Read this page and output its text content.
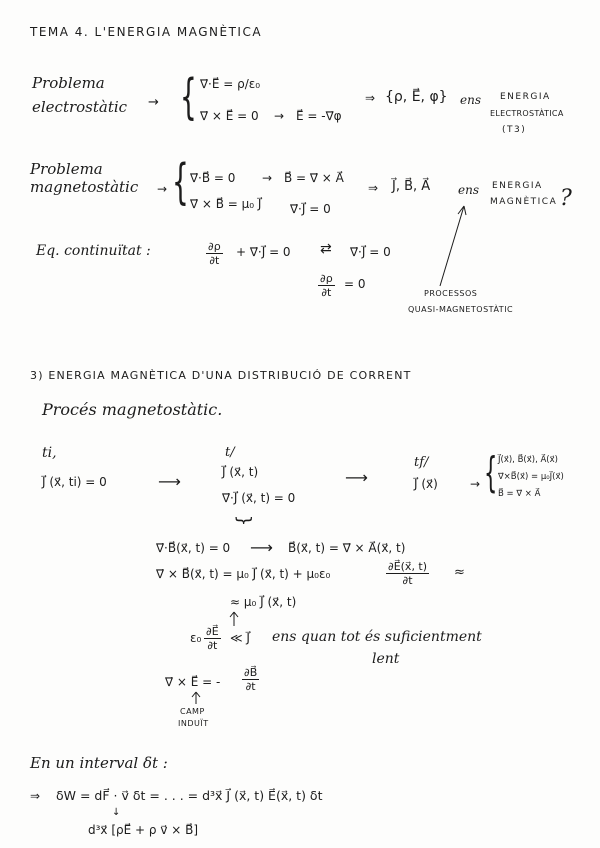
TEMA 4. L'ENERGIA MAGNÈTICA
Problema
electrostàtic → { ∇⃗·E⃗ = ρ/ε₀
∇⃗ × E⃗ = 0 → E⃗ = -∇⃗φ
⇒ {ρ, E⃗, φ} ens ENERGIA
ELECTROSTÀTICA
(T3)
Problema
magnetostàtic → { ∇⃗·B⃗ = 0 → B⃗ = ∇⃗ × A⃗
∇⃗ × B⃗ = μ₀ J⃗ ∇⃗·J⃗ = 0
⇒ J⃗, B⃗, A⃗ ens ENERGIA
MAGNÈTICA ?
Eq. continuïtat :	$\frac{\partial\rho}{\partial t}$ + ∇⃗·J⃗ = 0 ⇄ ∇⃗·J⃗ = 0
$\frac{\partial\rho}{\partial t} = 0$
PROCESSOS
QUASI-MAGNETOSTÀTIC
3) ENERGIA MAGNÈTICA D'UNA DISTRIBUCIÓ DE CORRENT
Procés magnetostàtic.
ti,
J⃗ (x⃗, ti) = 0	⟶
t/
J⃗ (x⃗, t)
∇⃗·J⃗ (x⃗, t) = 0
⟶
tf/
J⃗ (x⃗)	→ { J⃗(x⃗), B⃗(x⃗), A⃗(x⃗)
∇⃗×B⃗(x⃗) = μ₀J⃗(x⃗)
B⃗ = ∇⃗ × A⃗
{
∇⃗·B⃗(x⃗, t) = 0 ⟶ B⃗(x⃗, t) = ∇⃗ × A⃗(x⃗, t)
∇⃗ × B⃗(x⃗, t) = μ₀ J⃗ (x⃗, t) + μ₀ε₀	$\frac{\partial E⃗(x⃗, t)}{\partial t}$ ≈
≈ μ₀ J⃗ (x⃗, t)
$\varepsilon_0 \frac{\partial E⃗}{\partial t}$ ≪ J⃗ ens quan tot és suficientment
lent
∇⃗ × E⃗ = - $\frac{\partial B⃗}{\partial t}$
CAMP
INDUÏT
En un interval δt :
⇒ δW = dF⃗ · v⃗ δt = . . . = d³x⃗ J⃗ (x⃗, t) E⃗(x⃗, t) δt
↓
d³x⃗ [ρE⃗ + ρ v⃗ × B⃗]
